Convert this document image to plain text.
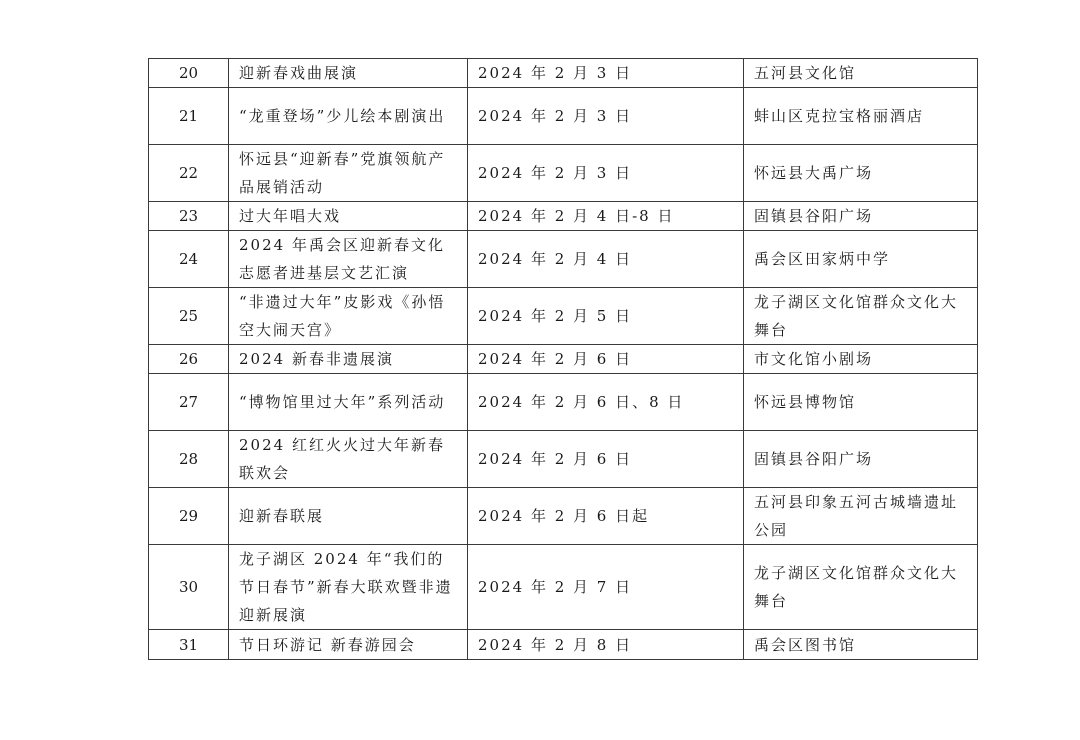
20	迎新春戏曲展演	2024 年 2 月 3 日	五河县文化馆
21	“龙重登场”少儿绘本剧演出	2024 年 2 月 3 日	蚌山区克拉宝格丽酒店
22	怀远县“迎新春”党旗领航产品展销活动	2024 年 2 月 3 日	怀远县大禹广场
23	过大年唱大戏	2024 年 2 月 4 日-8 日	固镇县谷阳广场
24	2024 年禹会区迎新春文化志愿者进基层文艺汇演	2024 年 2 月 4 日	禹会区田家炳中学
25	“非遗过大年”皮影戏《孙悟空大闹天宫》	2024 年 2 月 5 日	龙子湖区文化馆群众文化大舞台
26	2024 新春非遗展演	2024 年 2 月 6 日	市文化馆小剧场
27	“博物馆里过大年”系列活动	2024 年 2 月 6 日、8 日	怀远县博物馆
28	2024 红红火火过大年新春联欢会	2024 年 2 月 6 日	固镇县谷阳广场
29	迎新春联展	2024 年 2 月 6 日起	五河县印象五河古城墙遗址公园
30	龙子湖区 2024 年“我们的节日春节”新春大联欢暨非遗迎新展演	2024 年 2 月 7 日	龙子湖区文化馆群众文化大舞台
31	节日环游记 新春游园会	2024 年 2 月 8 日	禹会区图书馆
